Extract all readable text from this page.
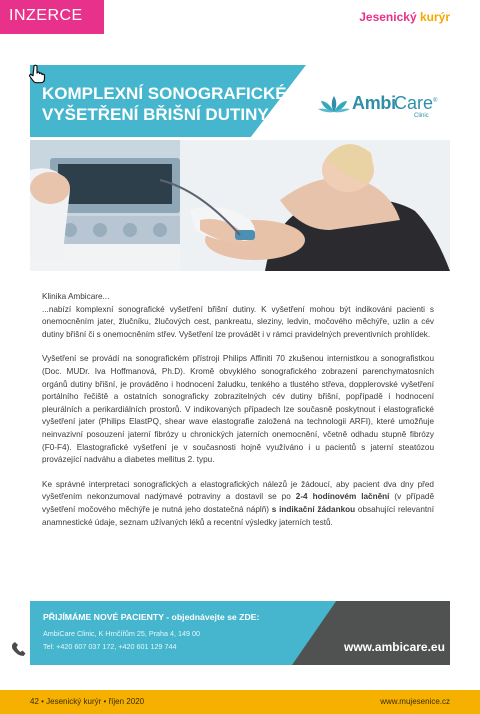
INZERCE	Jesenický kurýr
KOMPLEXNÍ SONOGRAFICKÉ
VYŠETŘENÍ BŘIŠNÍ DUTINY
Ambi
Care®
Clinic

Klinika Ambicare...
...nabízí komplexní sonografické vyšetření břišní dutiny. K vyšetření mohou být indikováni pacienti s onemocněním jater, žlučníku, žlučových cest, pankreatu, sleziny, ledvin, močového měchýře, uzlin a cév dutiny břišní či s onemocněním střev. Vyšetření lze provádět i v rámci pravidelných preventivních prohlídek.

Vyšetření se provádí na sonografickém přístroji Philips Affiniti 70 zkušenou internistkou a sonografistkou (Doc. MUDr. Iva Hoffmanová, Ph.D). Kromě obvyklého sonografického zobrazení parenchymatosních orgánů dutiny břišní, je prováděno i hodnocení žaludku, tenkého a tlustého střeva, dopplerovské vyšetření portálního řečiště a ostatních sonograficky zobrazitelných cév dutiny břišní, popřípadě i hodnocení pleurálních a perikardiálních prostorů. V indikovaných případech lze současně poskytnout i elastografické vyšetření jater (Philips ElastPQ, shear wave elastografie založená na technologii ARFI), které umožňuje neinvazivní posouzení jaterní fibrózy u chronických jaterních onemocnění, včetně odhadu stupně fibrózy (F0-F4). Elastografické vyšetření je v současnosti hojně využíváno i u pacientů s jaterní steatózou provázející nadváhu a diabetes mellitus 2. typu.

Ke správné interpretaci sonografických a elastografických nálezů je žádoucí, aby pacient dva dny před vyšetřením nekonzumoval nadýmavé potraviny a dostavil se po 2-4 hodinovém lačnění (v případě vyšetření močového měchýře je nutná jeho dostatečná náplň) s indikační žádankou obsahující relevantní anamnestické údaje, seznam užívaných léků a recentní výsledky jaterních testů.

PŘIJÍMÁME NOVÉ PACIENTY - objednávejte se ZDE:
AmbiCare Clinic, K Hrnčířům 25, Praha 4, 149 00
Tel: +420 607 037 172, +420 601 129 744	www.ambicare.eu
42 • Jesenický kurýr • říjen 2020	www.mujesenice.cz
